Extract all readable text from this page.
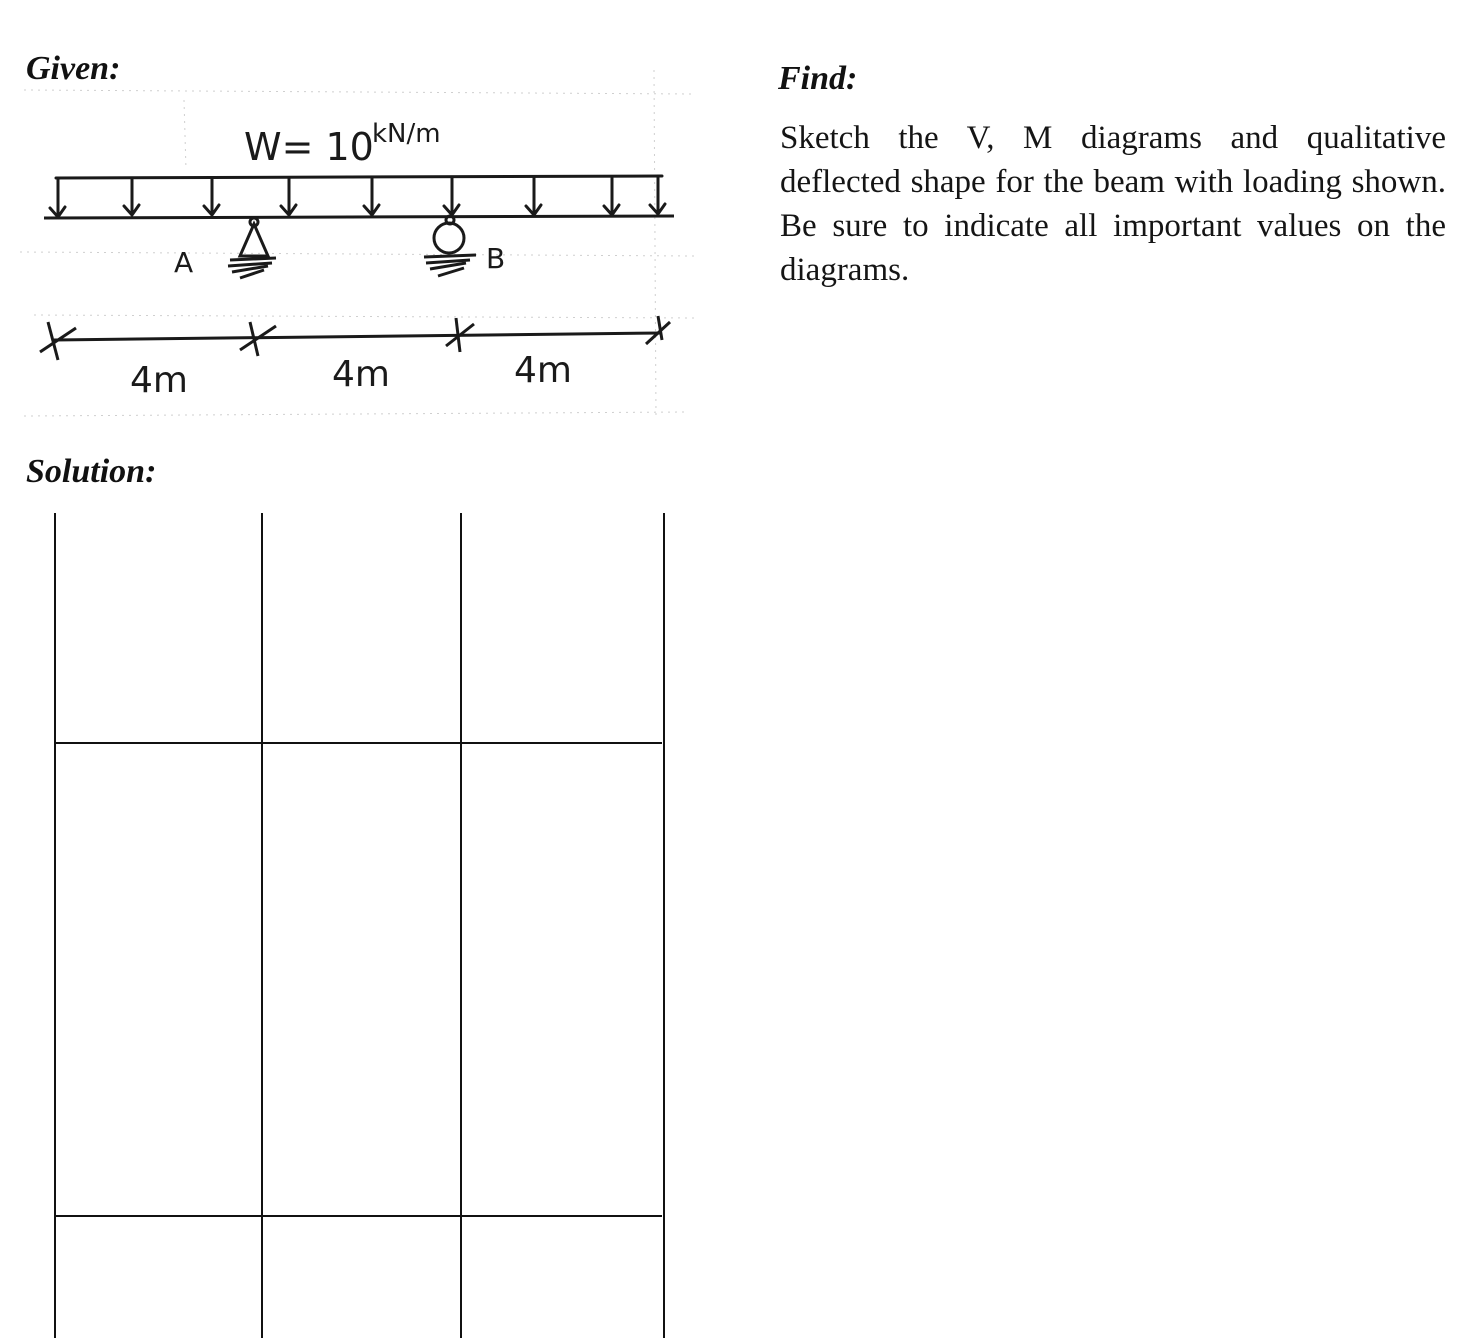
Given:
W= 10
kN/m
A	B
4m	4m	4m
Find:

Sketch the V, M diagrams and qualitative deflected shape for the beam with loading shown. Be sure to indicate all important values on the diagrams.

Solution:
